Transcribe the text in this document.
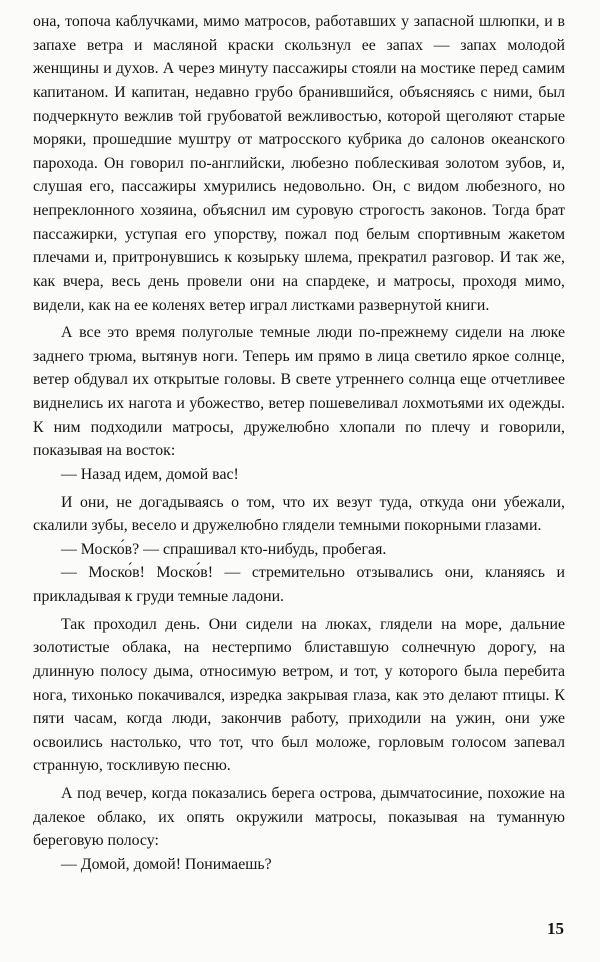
она, топоча каблучками, мимо матросов, работавших у запасной шлюпки, и в запахе ветра и масляной краски скользнул ее запах — запах молодой женщины и духов. А через минуту пассажиры стояли на мостике перед самим капитаном. И капитан, недавно грубо бранившийся, объясняясь с ними, был подчеркнуто вежлив той грубоватой вежливостью, которой щеголяют старые моряки, прошедшие муштру от матросского кубрика до салонов океанского парохода. Он говорил по-английски, любезно поблескивая золотом зубов, и, слушая его, пассажиры хмурились недовольно. Он, с видом любезного, но непреклонного хозяина, объяснил им суровую строгость законов. Тогда брат пассажирки, уступая его упорству, пожал под белым спортивным жакетом плечами и, притронувшись к козырьку шлема, прекратил разговор. И так же, как вчера, весь день провели они на спардеке, и матросы, проходя мимо, видели, как на ее коленях ветер играл листками развернутой книги.

А все это время полуголые темные люди по-прежнему сидели на люке заднего трюма, вытянув ноги. Теперь им прямо в лица светило яркое солнце, ветер обдувал их открытые головы. В свете утреннего солнца еще отчетливее виднелись их нагота и убожество, ветер пошевеливал лохмотьями их одежды. К ним подходили матросы, дружелюбно хлопали по плечу и говорили, показывая на восток:

— Назад идем, домой вас!

И они, не догадываясь о том, что их везут туда, откуда они убежали, скалили зубы, весело и дружелюбно глядели темными покорными глазами.

— Моско́в? — спрашивал кто-нибудь, пробегая.

— Моско́в! Моско́в! — стремительно отзывались они, кланяясь и прикладывая к груди темные ладони.

Так проходил день. Они сидели на люках, глядели на море, дальние золотистые облака, на нестерпимо блиставшую солнечную дорогу, на длинную полосу дыма, относимую ветром, и тот, у которого была перебита нога, тихонько покачивался, изредка закрывая глаза, как это делают птицы. К пяти часам, когда люди, закончив работу, приходили на ужин, они уже освоились настолько, что тот, что был моложе, горловым голосом запевал странную, тоскливую песню.

А под вечер, когда показались берега острова, дымчатосиние, похожие на далекое облако, их опять окружили матросы, показывая на туманную береговую полосу:

— Домой, домой! Понимаешь?

15
